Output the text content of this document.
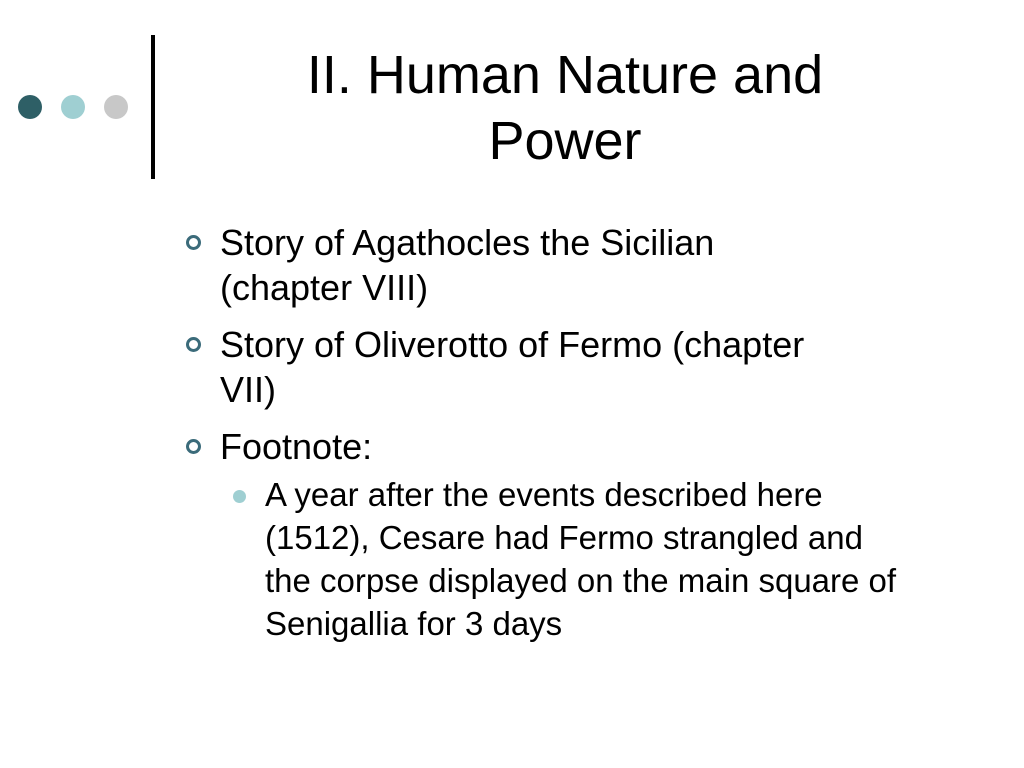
II. Human Nature and
Power
Story of Agathocles the Sicilian
(chapter VIII)
Story of Oliverotto of Fermo (chapter
VII)
Footnote:
A year after the events described here (1512), Cesare had Fermo strangled and the corpse displayed on the main square of Senigallia for 3 days
